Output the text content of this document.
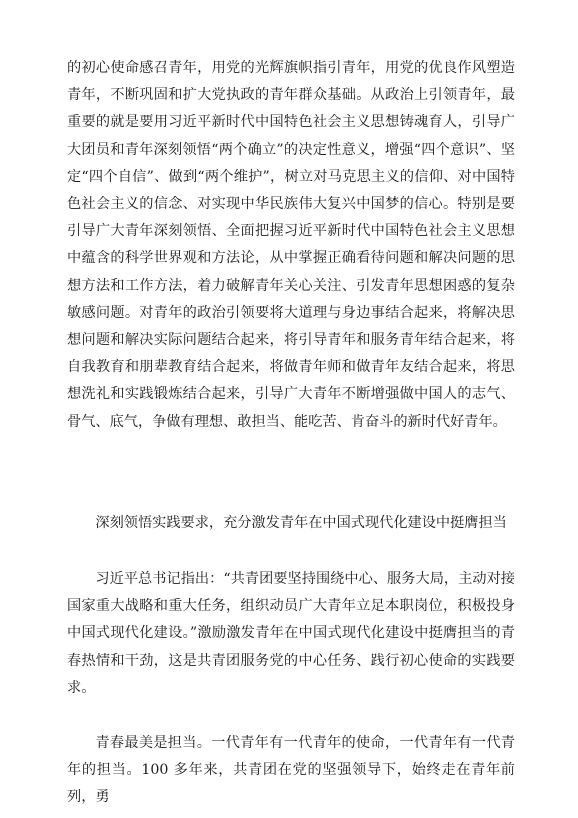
的初心使命感召青年，用党的光辉旗帜指引青年，用党的优良作风塑造青年，不断巩固和扩大党执政的青年群众基础。从政治上引领青年，最重要的就是要用习近平新时代中国特色社会主义思想铸魂育人，引导广大团员和青年深刻领悟“两个确立”的决定性意义，增强“四个意识”、坚定“四个自信”、做到“两个维护”，树立对马克思主义的信仰、对中国特色社会主义的信念、对实现中华民族伟大复兴中国梦的信心。特别是要引导广大青年深刻领悟、全面把握习近平新时代中国特色社会主义思想中蕴含的科学世界观和方法论，从中掌握正确看待问题和解决问题的思想方法和工作方法，着力破解青年关心关注、引发青年思想困惑的复杂敏感问题。对青年的政治引领要将大道理与身边事结合起来，将解决思想问题和解决实际问题结合起来，将引导青年和服务青年结合起来，将自我教育和朋辈教育结合起来，将做青年师和做青年友结合起来，将思想洗礼和实践锻炼结合起来，引导广大青年不断增强做中国人的志气、骨气、底气，争做有理想、敢担当、能吃苦、肯奋斗的新时代好青年。

深刻领悟实践要求，充分激发青年在中国式现代化建设中挺膺担当

习近平总书记指出：“共青团要坚持围绕中心、服务大局，主动对接国家重大战略和重大任务，组织动员广大青年立足本职岗位，积极投身中国式现代化建设。”激励激发青年在中国式现代化建设中挺膺担当的青春热情和干劲，这是共青团服务党的中心任务、践行初心使命的实践要求。

青春最美是担当。一代青年有一代青年的使命，一代青年有一代青年的担当。100 多年来，共青团在党的坚强领导下，始终走在青年前列，勇
